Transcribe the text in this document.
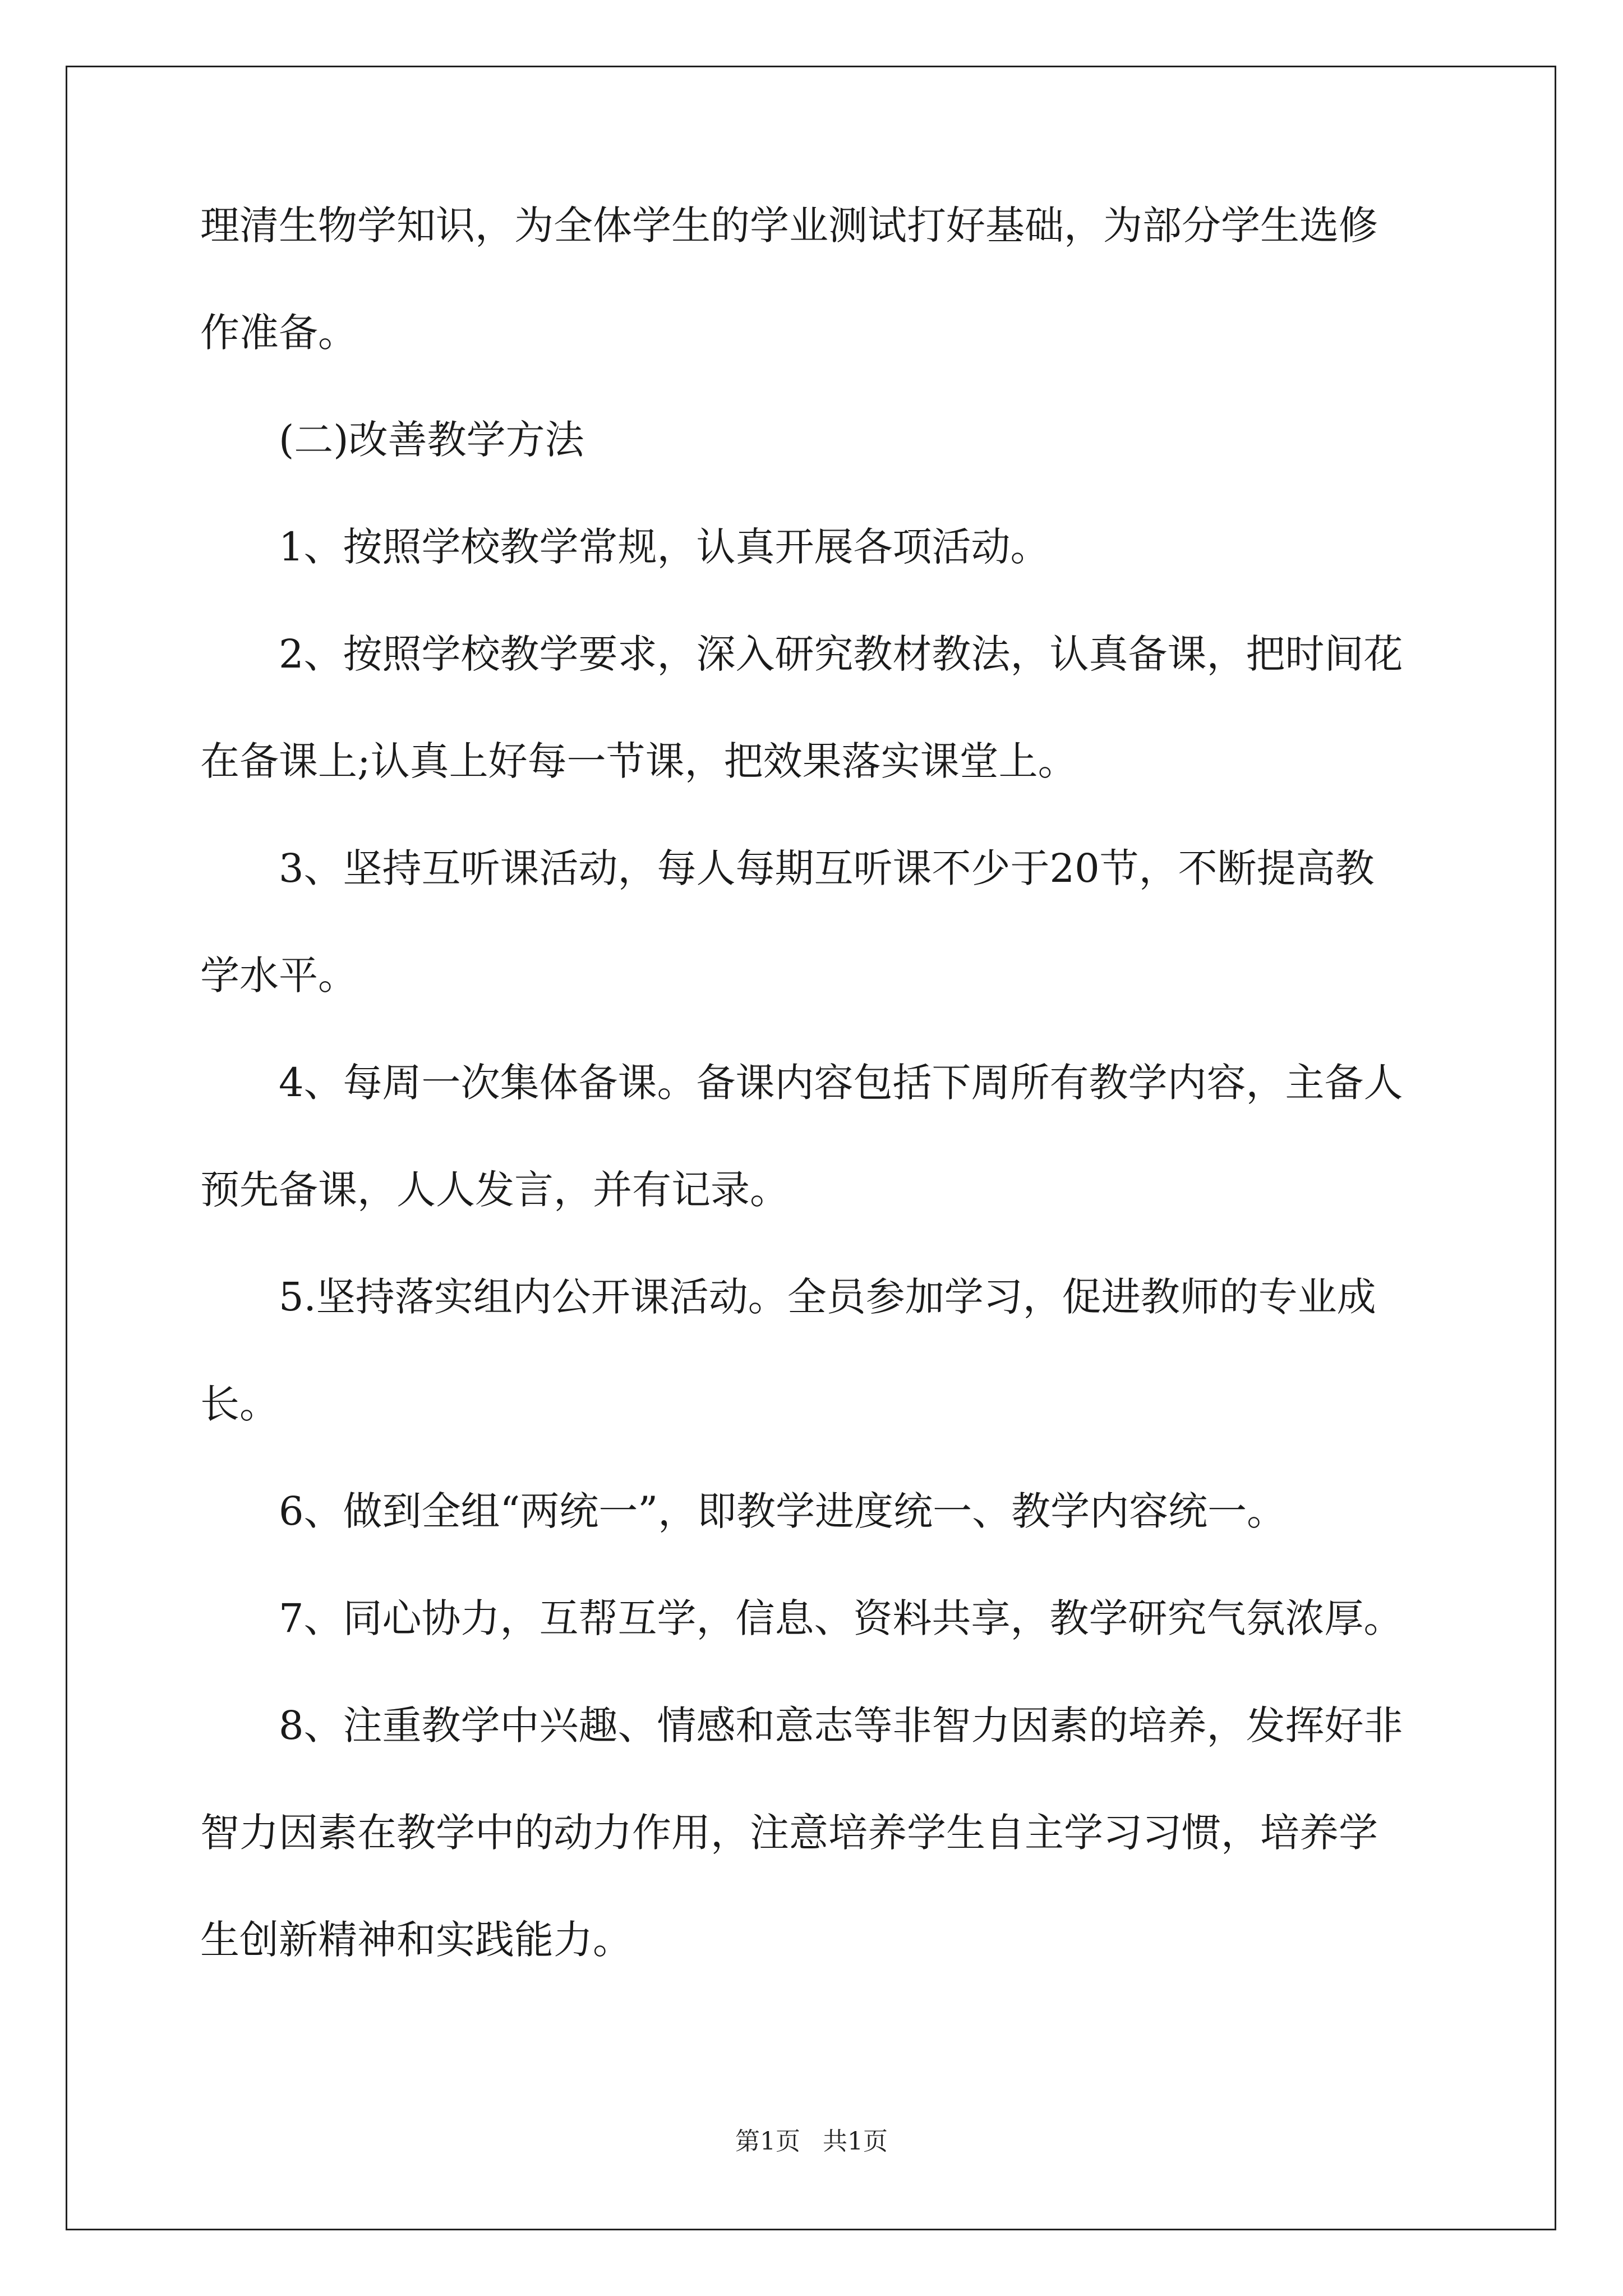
理清生物学知识，为全体学生的学业测试打好基础，为部分学生选修
作准备。
(二)改善教学方法
1、按照学校教学常规，认真开展各项活动。
2、按照学校教学要求，深入研究教材教法，认真备课，把时间花
在备课上;认真上好每一节课，把效果落实课堂上。
3、坚持互听课活动，每人每期互听课不少于20节，不断提高教
学水平。
4、每周一次集体备课。备课内容包括下周所有教学内容，主备人
预先备课，人人发言，并有记录。
5.坚持落实组内公开课活动。全员参加学习，促进教师的专业成
长。
6、做到全组“两统一”，即教学进度统一、教学内容统一。
7、同心协力，互帮互学，信息、资料共享，教学研究气氛浓厚。
8、注重教学中兴趣、情感和意志等非智力因素的培养，发挥好非
智力因素在教学中的动力作用，注意培养学生自主学习习惯，培养学
生创新精神和实践能力。
第1页 共1页
